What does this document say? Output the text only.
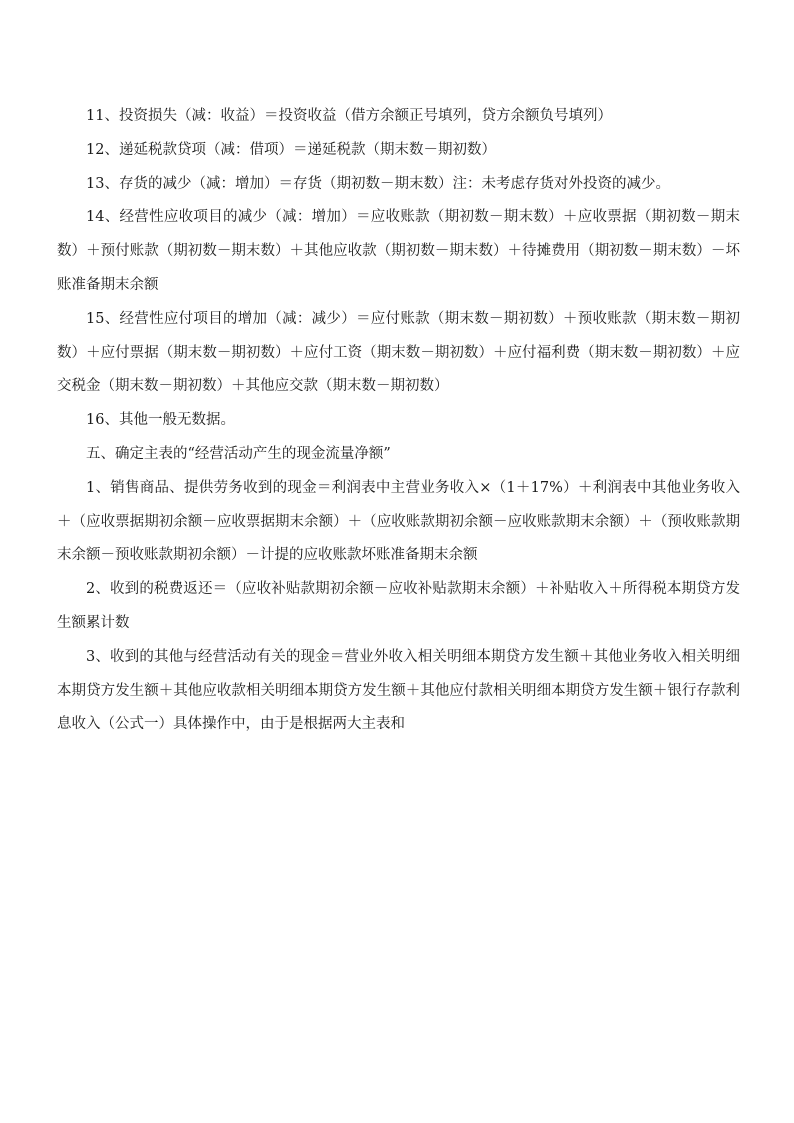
11、投资损失（减：收益）＝投资收益（借方余额正号填列，贷方余额负号填列）

12、递延税款贷项（减：借项）＝递延税款（期末数－期初数）

13、存货的减少（减：增加）＝存货（期初数－期末数）注：未考虑存货对外投资的减少。

14、经营性应收项目的减少（减：增加）＝应收账款（期初数－期末数）＋应收票据（期初数－期末数）＋预付账款（期初数－期末数）＋其他应收款（期初数－期末数）＋待摊费用（期初数－期末数）－坏账准备期末余额

15、经营性应付项目的增加（减：减少）＝应付账款（期末数－期初数）＋预收账款（期末数－期初数）＋应付票据（期末数－期初数）＋应付工资（期末数－期初数）＋应付福利费（期末数－期初数）＋应交税金（期末数－期初数）＋其他应交款（期末数－期初数）

16、其他一般无数据。

五、确定主表的“经营活动产生的现金流量净额”

1、销售商品、提供劳务收到的现金＝利润表中主营业务收入×（1＋17%）＋利润表中其他业务收入＋（应收票据期初余额－应收票据期末余额）＋（应收账款期初余额－应收账款期末余额）＋（预收账款期末余额－预收账款期初余额）－计提的应收账款坏账准备期末余额

2、收到的税费返还＝（应收补贴款期初余额－应收补贴款期末余额）＋补贴收入＋所得税本期贷方发生额累计数

3、收到的其他与经营活动有关的现金＝营业外收入相关明细本期贷方发生额＋其他业务收入相关明细本期贷方发生额＋其他应收款相关明细本期贷方发生额＋其他应付款相关明细本期贷方发生额＋银行存款利息收入（公式一）具体操作中，由于是根据两大主表和
